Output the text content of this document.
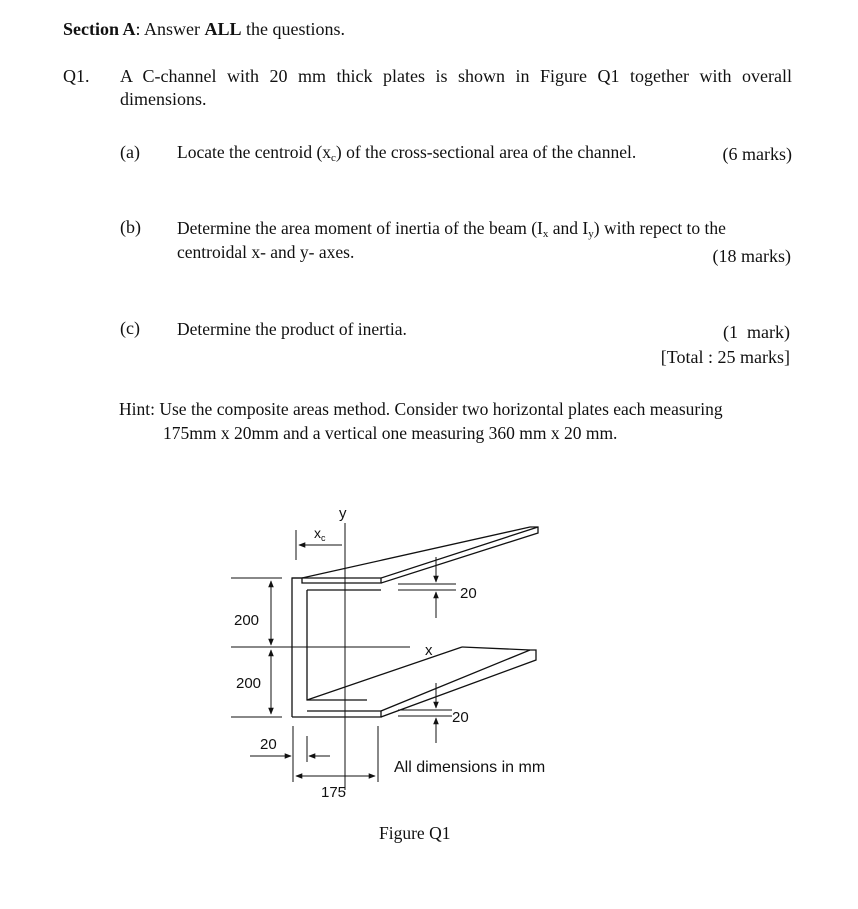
Section A: Answer ALL the questions.
Q1. A C-channel with 20 mm thick plates is shown in Figure Q1 together with overall
dimensions.
(a) Locate the centroid $(x_c)$ of the cross-sectional area of the channel.	(6 marks)
(b) Determine the area moment of inertia of the beam ($I_x$ and $I_y$) with repect to the
centroidal x- and y- axes.	(18 marks)
(c) Determine the product of inertia.	(1  mark)
[Total : 25 marks]
Hint: Use the composite areas method. Consider two horizontal plates each measuring
175mm x 20mm and a vertical one measuring 360 mm x 20 mm.
y
x
$x_c$
200
200
20
20
20
175
All dimensions in mm
Figure Q1
